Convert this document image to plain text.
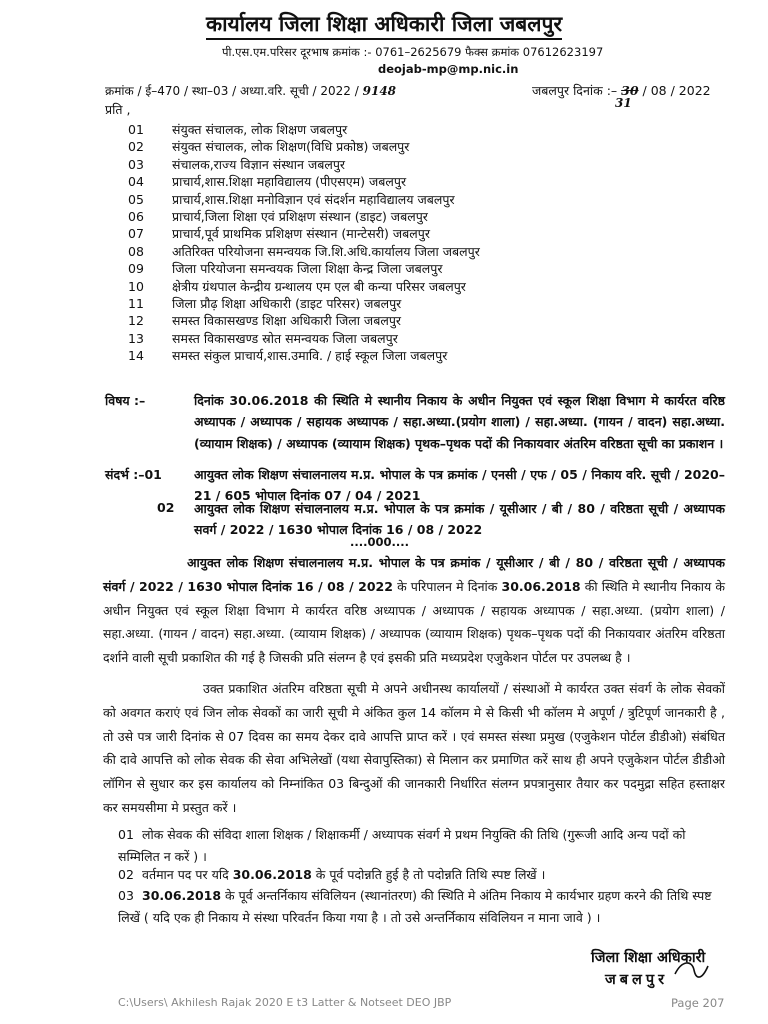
कार्यालय जिला शिक्षा अधिकारी जिला जबलपुर
पी.एस.एम.परिसर दूरभाष क्रमांक :- 0761–2625679 फैक्स क्रमांक 07612623197
deojab-mp@mp.nic.in
क्रमांक / ई–470 / स्था–03 / अध्या.वरि. सूची / 2022 / 9148	जबलपुर दिनांक :– 30 / 08 / 2022
31
प्रति ,
01 संयुक्त संचालक, लोक शिक्षण जबलपुर
02 संयुक्त संचालक, लोक शिक्षण(विधि प्रकोष्ठ) जबलपुर
03 संचालक,राज्य विज्ञान संस्थान जबलपुर
04 प्राचार्य,शास.शिक्षा महाविद्यालय (पीएसएम) जबलपुर
05 प्राचार्य,शास.शिक्षा मनोविज्ञान एवं संदर्शन महाविद्यालय जबलपुर
06 प्राचार्य,जिला शिक्षा एवं प्रशिक्षण संस्थान (डाइट) जबलपुर
07 प्राचार्य,पूर्व प्राथमिक प्रशिक्षण संस्थान (मान्टेसरी) जबलपुर
08 अतिरिक्त परियोजना समन्वयक जि.शि.अधि.कार्यालय जिला जबलपुर
09 जिला परियोजना समन्वयक जिला शिक्षा केन्द्र जिला जबलपुर
10 क्षेत्रीय ग्रंथपाल केन्द्रीय ग्रन्थालय एम एल बी कन्या परिसर जबलपुर
11 जिला प्रौढ़ शिक्षा अधिकारी (डाइट परिसर) जबलपुर
12 समस्त विकासखण्ड शिक्षा अधिकारी जिला जबलपुर
13 समस्त विकासखण्ड स्रोत समन्वयक जिला जबलपुर
14 समस्त संकुल प्राचार्य,शास.उमावि. / हाई स्कूल जिला जबलपुर
विषय :–	दिनांक 30.06.2018 की स्थिति मे स्थानीय निकाय के अधीन नियुक्त एवं स्कूल शिक्षा विभाग मे कार्यरत वरिष्ठ अध्यापक / अध्यापक / सहायक अध्यापक / सहा.अध्या.(प्रयोग शाला) / सहा.अध्या. (गायन / वादन) सहा.अध्या.(व्यायाम शिक्षक) / अध्यापक (व्यायाम शिक्षक) पृथक–पृथक पदों की निकायवार अंतरिम वरिष्ठता सूची का प्रकाशन ।
संदर्भ :–01	आयुक्त लोक शिक्षण संचालनालय म.प्र. भोपाल के पत्र क्रमांक / एनसी / एफ / 05 / निकाय वरि. सूची / 2020–21 / 605 भोपाल दिनांक 07 / 04 / 2021
02 आयुक्त लोक शिक्षण संचालनालय म.प्र. भोपाल के पत्र क्रमांक / यूसीआर / बी / 80 / वरिष्ठता सूची / अध्यापक सवर्ग / 2022 / 1630 भोपाल दिनांक 16 / 08 / 2022
....000....
आयुक्त लोक शिक्षण संचालनालय म.प्र. भोपाल के पत्र क्रमांक / यूसीआर / बी / 80 / वरिष्ठता सूची / अध्यापक संवर्ग / 2022 / 1630 भोपाल दिनांक 16 / 08 / 2022 के परिपालन मे दिनांक 30.06.2018 की स्थिति मे स्थानीय निकाय के अधीन नियुक्त एवं स्कूल शिक्षा विभाग मे कार्यरत वरिष्ठ अध्यापक / अध्यापक / सहायक अध्यापक / सहा.अध्या. (प्रयोग शाला) / सहा.अध्या. (गायन / वादन) सहा.अध्या. (व्यायाम शिक्षक) / अध्यापक (व्यायाम शिक्षक) पृथक–पृथक पदों की निकायवार अंतरिम वरिष्ठता दर्शाने वाली सूची प्रकाशित की गई है जिसकी प्रति संलग्न है एवं इसकी प्रति मध्यप्रदेश एजुकेशन पोर्टल पर उपलब्ध है ।
उक्त प्रकाशित अंतरिम वरिष्ठता सूची मे अपने अधीनस्थ कार्यालयों / संस्थाओं मे कार्यरत उक्त संवर्ग के लोक सेवकों को अवगत कराएं एवं जिन लोक सेवकों का जारी सूची मे अंकित कुल 14 कॉलम मे से किसी भी कॉलम मे अपूर्ण / त्रुटिपूर्ण जानकारी है , तो उसे पत्र जारी दिनांक से 07 दिवस का समय देकर दावे आपत्ति प्राप्त करें । एवं समस्त संस्था प्रमुख (एजुकेशन पोर्टल डीडीओ) संबंधित की दावे आपत्ति को लोक सेवक की सेवा अभिलेखों (यथा सेवापुस्तिका) से मिलान कर प्रमाणित करें साथ ही अपने एजुकेशन पोर्टल डीडीओ लॉगिन से सुधार कर इस कार्यालय को निम्नांकित 03 बिन्दुओं की जानकारी निर्धारित संलग्न प्रपत्रानुसार तैयार कर पदमुद्रा सहित हस्ताक्षर कर समयसीमा मे प्रस्तुत करें ।
01 लोक सेवक की संविदा शाला शिक्षक / शिक्षाकर्मी / अध्यापक संवर्ग मे प्रथम नियुक्ति की तिथि (गुरूजी आदि अन्य पदों को सम्मिलित न करें ) ।
02 वर्तमान पद पर यदि 30.06.2018 के पूर्व पदोन्नति हुई है तो पदोन्नति तिथि स्पष्ट लिखें ।
03 30.06.2018 के पूर्व अन्तर्निकाय संविलियन (स्थानांतरण) की स्थिति मे अंतिम निकाय मे कार्यभार ग्रहण करने की तिथि स्पष्ट लिखें ( यदि एक ही निकाय मे संस्था परिवर्तन किया गया है । तो उसे अन्तर्निकाय संविलियन न माना जावे ) ।
जिला शिक्षा अधिकारी
जबलपुर
C:\Users\ Akhilesh Rajak 2020 E t3 Latter & Notseet DEO JBP	Page 207
